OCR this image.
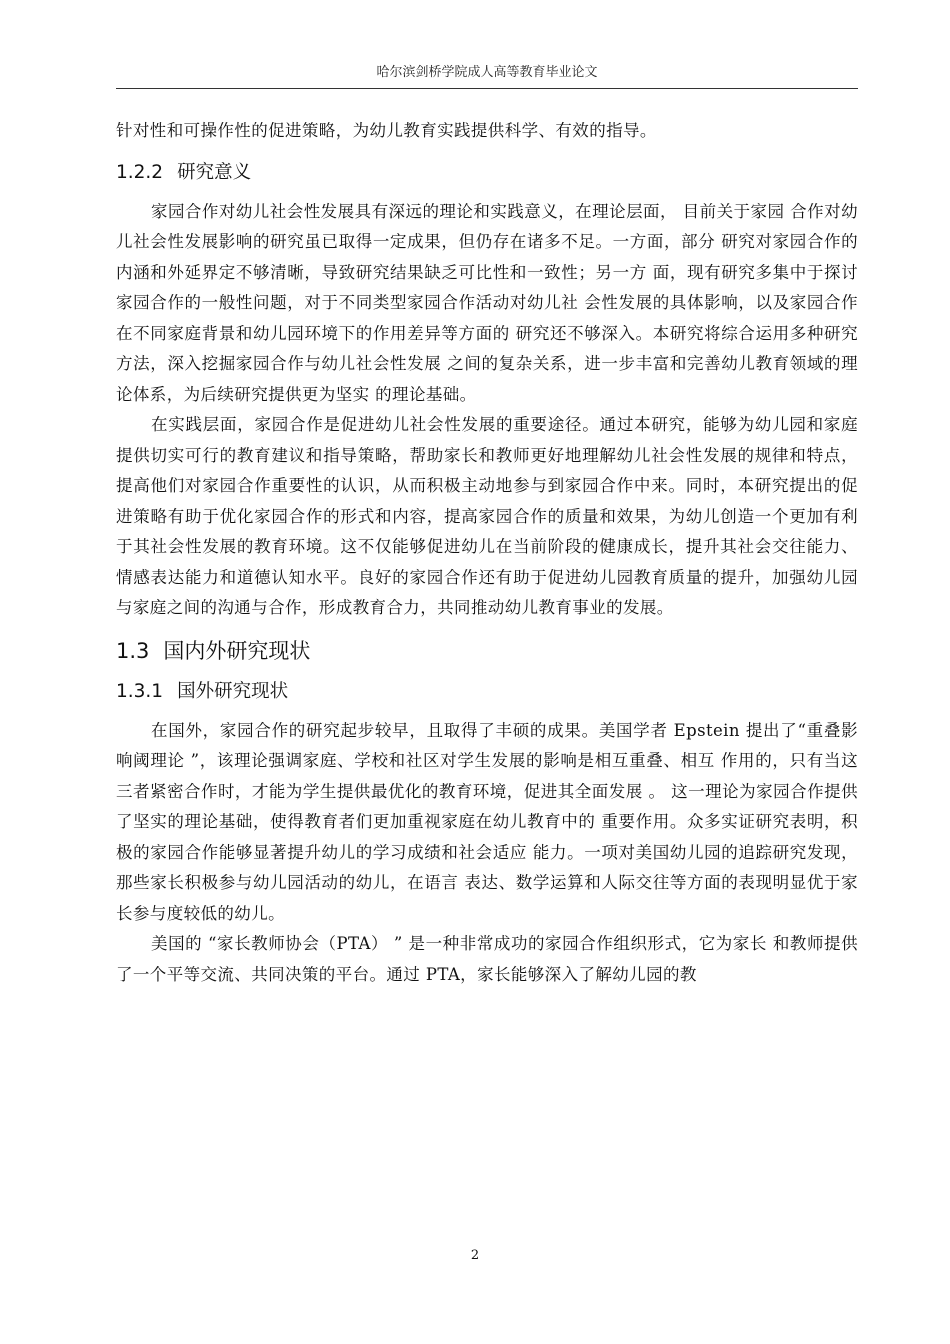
哈尔滨剑桥学院成人高等教育毕业论文

针对性和可操作性的促进策略，为幼儿教育实践提供科学、有效的指导。

1.2.2 研究意义

家园合作对幼儿社会性发展具有深远的理论和实践意义，在理论层面， 目前关于家园 合作对幼儿社会性发展影响的研究虽已取得一定成果，但仍存在诸多不足。一方面，部分 研究对家园合作的内涵和外延界定不够清晰，导致研究结果缺乏可比性和一致性；另一方 面，现有研究多集中于探讨家园合作的一般性问题，对于不同类型家园合作活动对幼儿社 会性发展的具体影响，以及家园合作在不同家庭背景和幼儿园环境下的作用差异等方面的 研究还不够深入。本研究将综合运用多种研究方法，深入挖掘家园合作与幼儿社会性发展 之间的复杂关系，进一步丰富和完善幼儿教育领域的理论体系，为后续研究提供更为坚实 的理论基础。

在实践层面，家园合作是促进幼儿社会性发展的重要途径。通过本研究，能够为幼儿园和家庭提供切实可行的教育建议和指导策略，帮助家长和教师更好地理解幼儿社会性发展的规律和特点，提高他们对家园合作重要性的认识，从而积极主动地参与到家园合作中来。同时，本研究提出的促进策略有助于优化家园合作的形式和内容，提高家园合作的质量和效果，为幼儿创造一个更加有利于其社会性发展的教育环境。这不仅能够促进幼儿在当前阶段的健康成长，提升其社会交往能力、情感表达能力和道德认知水平。良好的家园合作还有助于促进幼儿园教育质量的提升，加强幼儿园与家庭之间的沟通与合作，形成教育合力，共同推动幼儿教育事业的发展。

1.3 国内外研究现状
1.3.1 国外研究现状

在国外，家园合作的研究起步较早，且取得了丰硕的成果。美国学者 Epstein 提出了“重叠影响阈理论 ”，该理论强调家庭、学校和社区对学生发展的影响是相互重叠、相互 作用的，只有当这三者紧密合作时，才能为学生提供最优化的教育环境，促进其全面发展 。 这一理论为家园合作提供了坚实的理论基础，使得教育者们更加重视家庭在幼儿教育中的 重要作用。众多实证研究表明，积极的家园合作能够显著提升幼儿的学习成绩和社会适应 能力。一项对美国幼儿园的追踪研究发现，那些家长积极参与幼儿园活动的幼儿，在语言 表达、数学运算和人际交往等方面的表现明显优于家长参与度较低的幼儿。

美国的 “家长教师协会（PTA） ” 是一种非常成功的家园合作组织形式，它为家长 和教师提供了一个平等交流、共同决策的平台。通过 PTA，家长能够深入了解幼儿园的教

2
